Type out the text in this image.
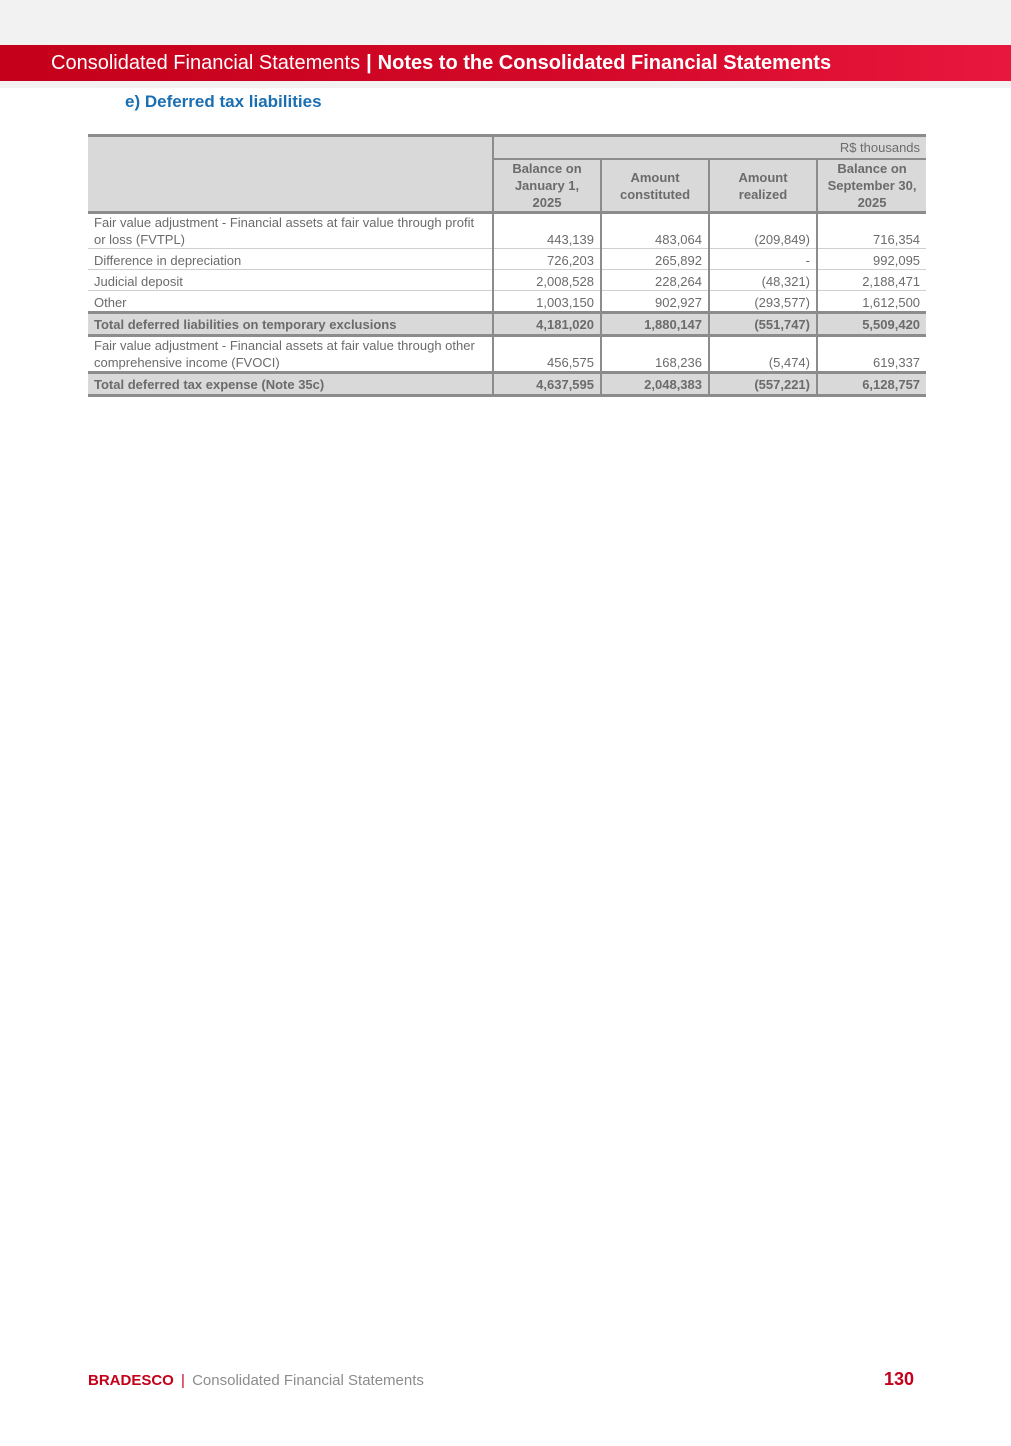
Consolidated Financial Statements | Notes to the Consolidated Financial Statements
e) Deferred tax liabilities
	R$ thousands			
	Balance on January 1, 2025	Amount constituted	Amount realized	Balance on September 30, 2025
Fair value adjustment - Financial assets at fair value through profit or loss (FVTPL)	443,139	483,064	(209,849)	716,354
Difference in depreciation	726,203	265,892	-	992,095
Judicial deposit	2,008,528	228,264	(48,321)	2,188,471
Other	1,003,150	902,927	(293,577)	1,612,500
Total deferred liabilities on temporary exclusions	4,181,020	1,880,147	(551,747)	5,509,420
Fair value adjustment - Financial assets at fair value through other comprehensive income (FVOCI)	456,575	168,236	(5,474)	619,337
Total deferred tax expense (Note 35c)	4,637,595	2,048,383	(557,221)	6,128,757
BRADESCO | Consolidated Financial Statements	130
